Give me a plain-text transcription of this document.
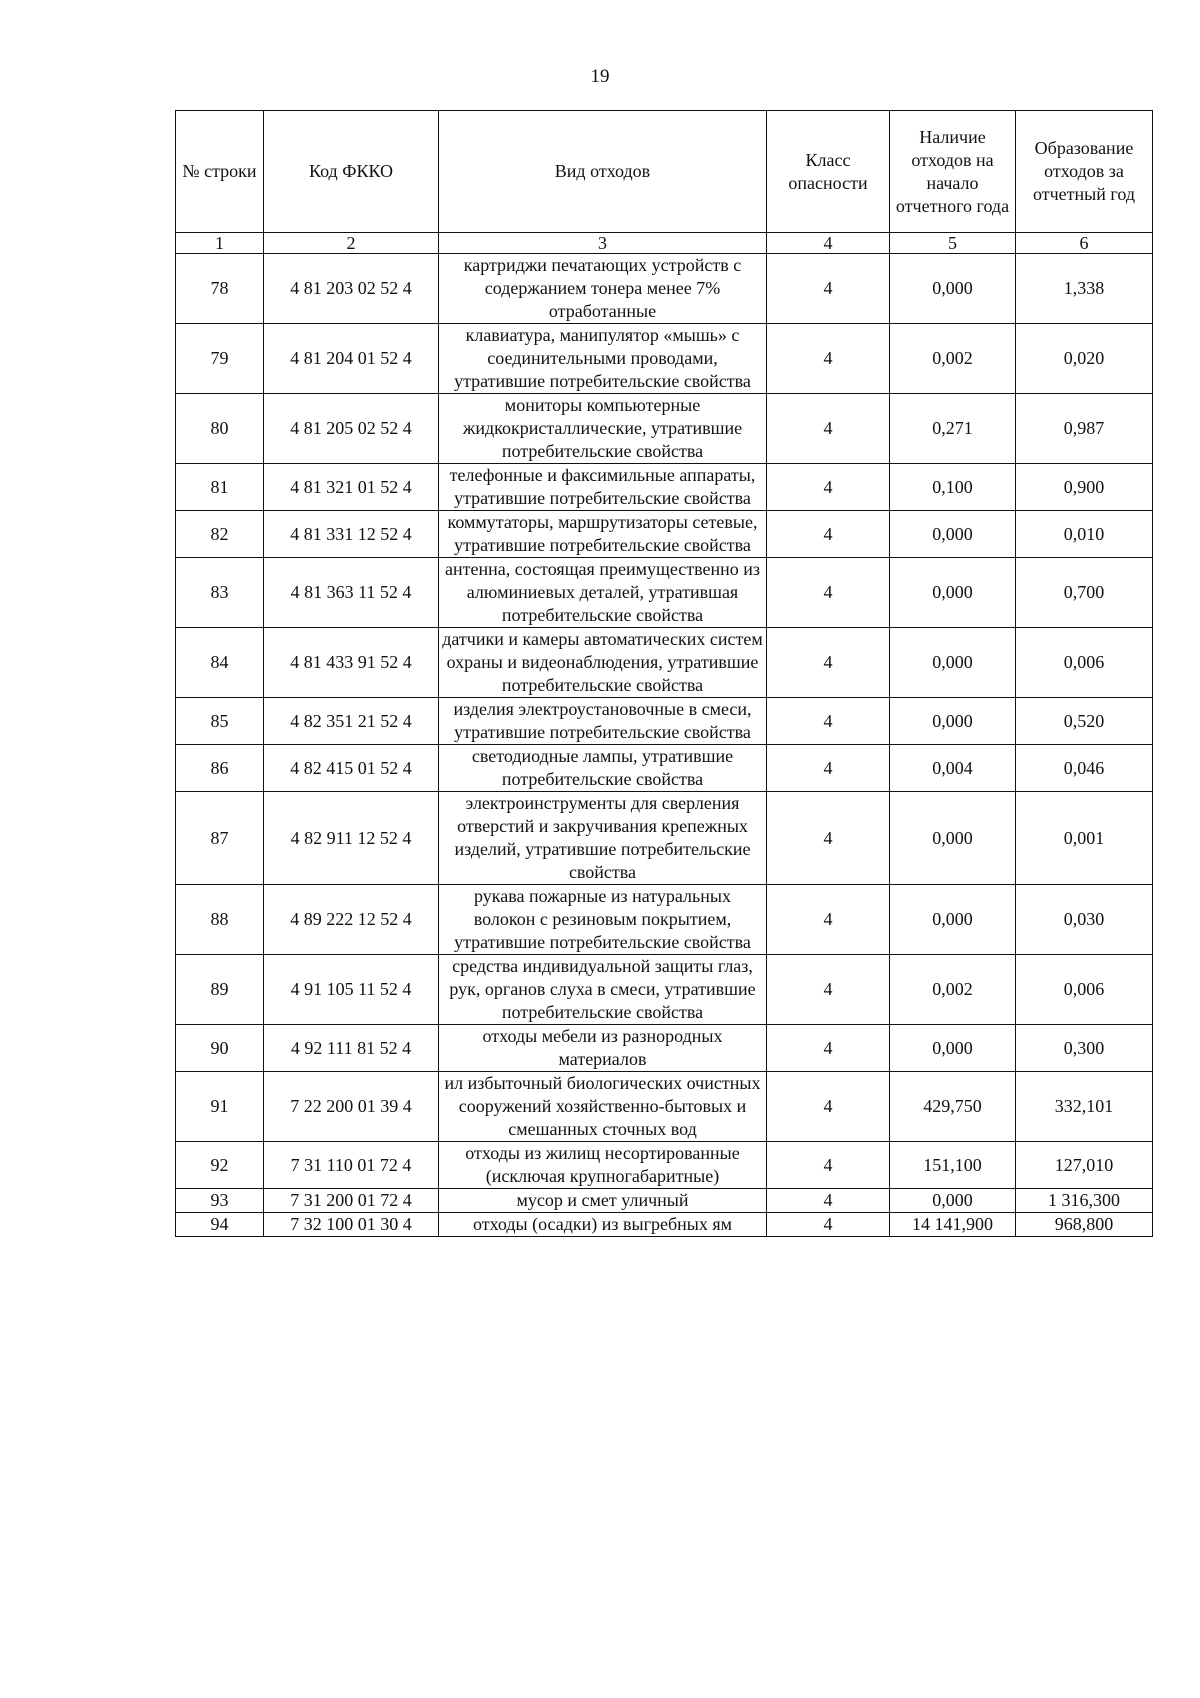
19
№ строки	Код ФККО	Вид отходов	Класс опасности	Наличие отходов на начало отчетного года	Образование отходов за отчетный год
1	2	3	4	5	6
78	4 81 203 02 52 4	картриджи печатающих устройств с содержанием тонера менее 7% отработанные	4	0,000	1,338
79	4 81 204 01 52 4	клавиатура, манипулятор «мышь» с соединительными проводами, утратившие потребительские свойства	4	0,002	0,020
80	4 81 205 02 52 4	мониторы компьютерные жидкокристаллические, утратившие потребительские свойства	4	0,271	0,987
81	4 81 321 01 52 4	телефонные и факсимильные аппараты, утратившие потребительские свойства	4	0,100	0,900
82	4 81 331 12 52 4	коммутаторы, маршрутизаторы сетевые, утратившие потребительские свойства	4	0,000	0,010
83	4 81 363 11 52 4	антенна, состоящая преимущественно из алюминиевых деталей, утратившая потребительские свойства	4	0,000	0,700
84	4 81 433 91 52 4	датчики и камеры автоматических систем охраны и видеонаблюдения, утратившие потребительские свойства	4	0,000	0,006
85	4 82 351 21 52 4	изделия электроустановочные в смеси, утратившие потребительские свойства	4	0,000	0,520
86	4 82 415 01 52 4	светодиодные лампы, утратившие потребительские свойства	4	0,004	0,046
87	4 82 911 12 52 4	электроинструменты для сверления отверстий и закручивания крепежных изделий, утратившие потребительские свойства	4	0,000	0,001
88	4 89 222 12 52 4	рукава пожарные из натуральных волокон с резиновым покрытием, утратившие потребительские свойства	4	0,000	0,030
89	4 91 105 11 52 4	средства индивидуальной защиты глаз, рук, органов слуха в смеси, утратившие потребительские свойства	4	0,002	0,006
90	4 92 111 81 52 4	отходы мебели из разнородных материалов	4	0,000	0,300
91	7 22 200 01 39 4	ил избыточный биологических очистных сооружений хозяйственно-бытовых и смешанных сточных вод	4	429,750	332,101
92	7 31 110 01 72 4	отходы из жилищ несортированные (исключая крупногабаритные)	4	151,100	127,010
93	7 31 200 01 72 4	мусор и смет уличный	4	0,000	1 316,300
94	7 32 100 01 30 4	отходы (осадки) из выгребных ям	4	14 141,900	968,800
